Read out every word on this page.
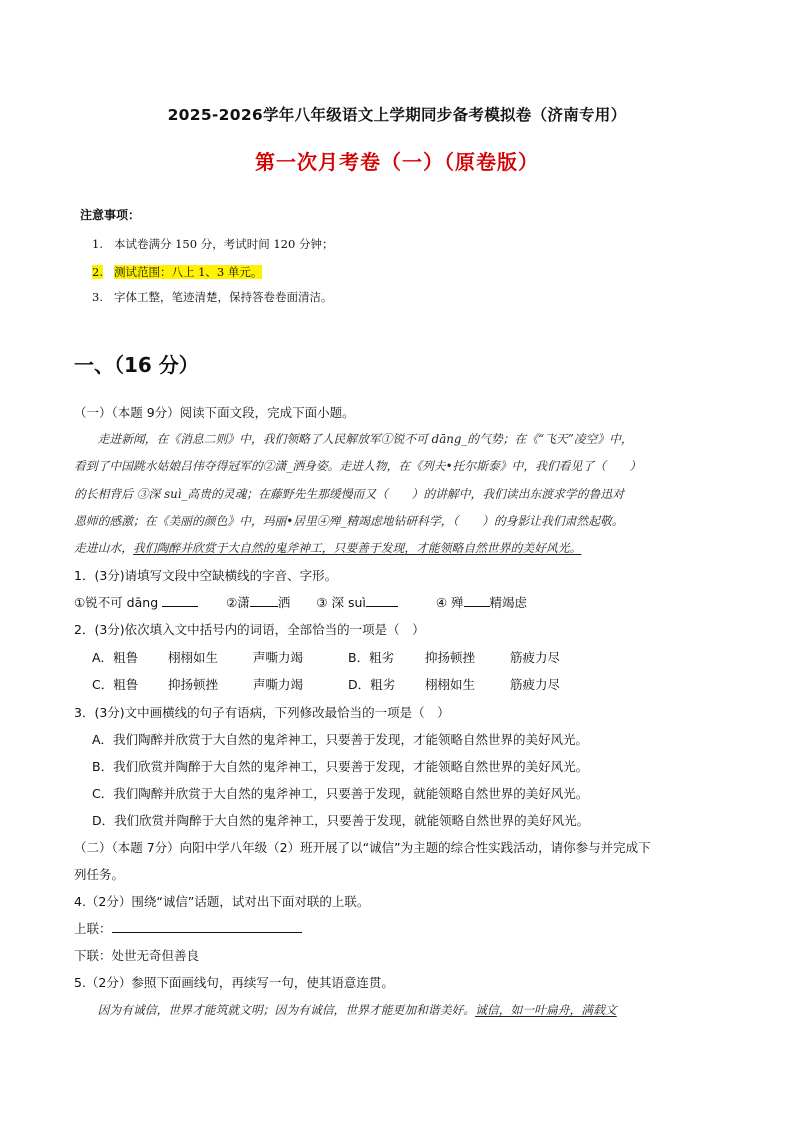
2025-2026学年八年级语文上学期同步备考模拟卷（济南专用）
第一次月考卷（一）（原卷版）
注意事项：
1. 本试卷满分 150 分，考试时间 120 分钟；
2. 测试范围：八上 1、3 单元。
3. 字体工整，笔迹清楚，保持答卷卷面清洁。
一、（16 分）
（一）（本题 9分）阅读下面文段，完成下面小题。
　　走进新闻，在《消息二则》中，我们领略了人民解放军①锐不可 dāng_的气势；在《“飞天”凌空》中，
看到了中国跳水姑娘吕伟夺得冠军的②潇_洒身姿。走进人物，在《列夫•托尔斯泰》中，我们看见了（　　）
的长相背后 ③深 suì_高贵的灵魂；在藤野先生那缓慢而又（　　）的讲解中，我们读出东渡求学的鲁迅对
恩师的感激；在《美丽的颜色》中，玛丽•居里④殚_精竭虑地钻研科学，（　　）的身影让我们肃然起敬。
走进山水，我们陶醉并欣赏于大自然的鬼斧神工，只要善于发现，才能领略自然世界的美好风光。
1．(3分)请填写文段中空缺横线的字音、字形。
①锐不可 dāng	②潇 洒 ③ 深 suì	④ 殚 精竭虑
2．(3分)依次填入文中括号内的词语，全部恰当的一项是（　）
A．粗鲁 栩栩如生	声嘶力竭	B．粗劣 抑扬顿挫	筋疲力尽
C．粗鲁 抑扬顿挫	声嘶力竭	D．粗劣 栩栩如生	筋疲力尽
3．(3分)文中画横线的句子有语病，下列修改最恰当的一项是（　）
A．我们陶醉并欣赏于大自然的鬼斧神工，只要善于发现，才能领略自然世界的美好风光。
B．我们欣赏并陶醉于大自然的鬼斧神工，只要善于发现，才能领略自然世界的美好风光。
C．我们陶醉并欣赏于大自然的鬼斧神工，只要善于发现，就能领略自然世界的美好风光。
D．我们欣赏并陶醉于大自然的鬼斧神工，只要善于发现，就能领略自然世界的美好风光。
（二）（本题 7分）向阳中学八年级（2）班开展了以“诚信”为主题的综合性实践活动，请你参与并完成下
列任务。
4.（2分）围绕“诚信”话题，试对出下面对联的上联。
上联：
下联：处世无奇但善良
5.（2分）参照下面画线句，再续写一句，使其语意连贯。
　　因为有诚信，世界才能筑就文明；因为有诚信，世界才能更加和谐美好。诚信，如一叶扁舟，满载文
